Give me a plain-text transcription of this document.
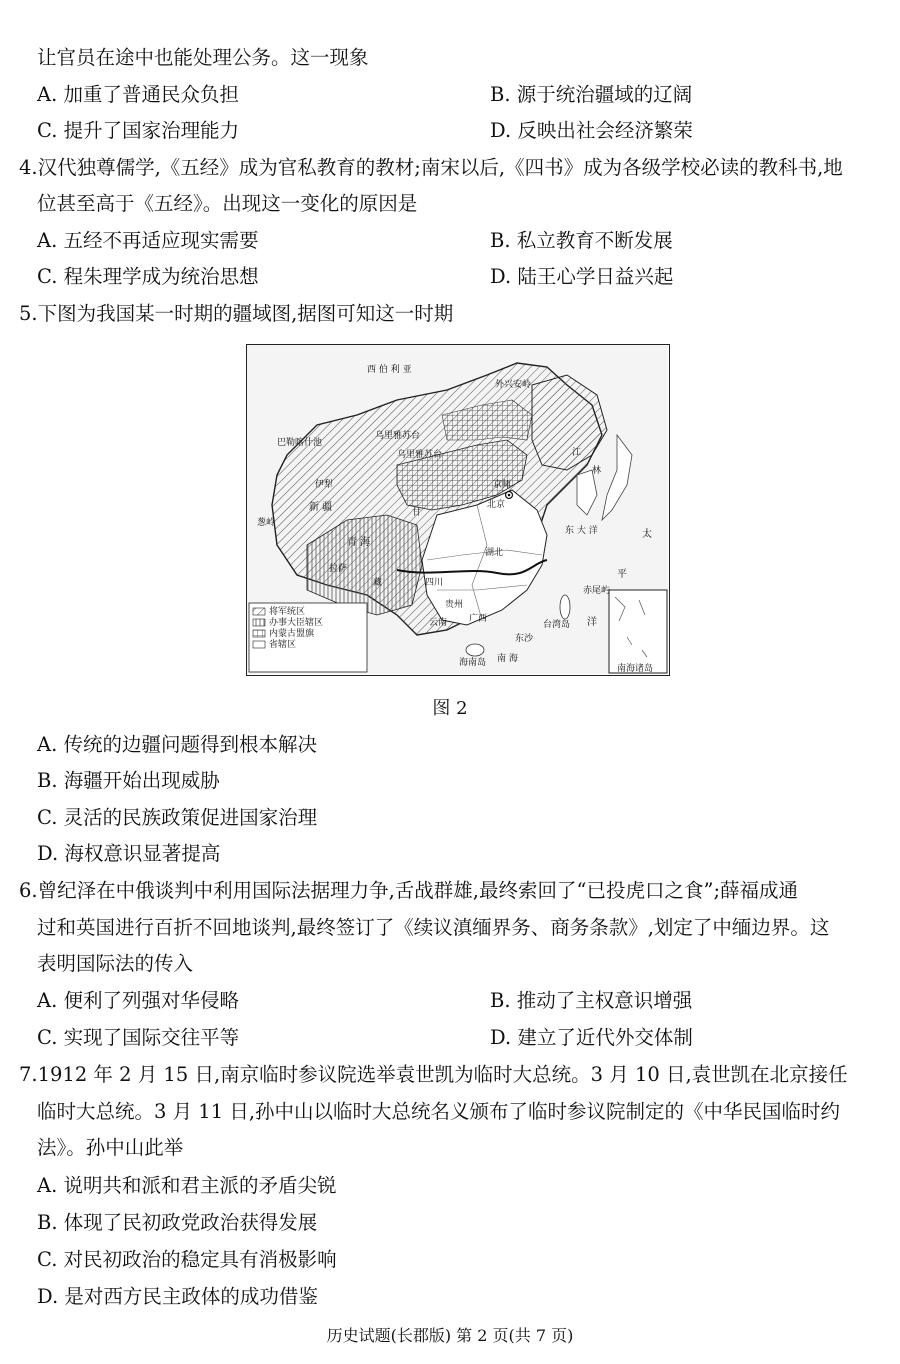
让官员在途中也能处理公务。这一现象
A. 加重了普通民众负担	B. 源于统治疆域的辽阔
C. 提升了国家治理能力	D. 反映出社会经济繁荣
4.汉代独尊儒学,《五经》成为官私教育的教材;南宋以后,《四书》成为各级学校必读的教科书,地
位甚至高于《五经》。出现这一变化的原因是
A. 五经不再适应现实需要	B. 私立教育不断发展
C. 程朱理学成为统治思想	D. 陆王心学日益兴起
5.下图为我国某一时期的疆域图,据图可知这一时期
西 伯 利 亚
外兴安岭
乌里雅苏台
乌里雅苏台
伊犁
新 疆
江
林
京师
北京
青 海
甘
拉萨
藏	四川
湖北
贵州
云南 广西
台湾岛
海南岛
东沙
南 海
太
平
洋
东 大 洋
南海诸岛
巴勒喀什池
葱岭
赤尾屿
将军统区
办事大臣辖区
内蒙古盟旗
省辖区
图 2
A. 传统的边疆问题得到根本解决
B. 海疆开始出现威胁
C. 灵活的民族政策促进国家治理
D. 海权意识显著提高
6.曾纪泽在中俄谈判中利用国际法据理力争,舌战群雄,最终索回了“已投虎口之食”;薛福成通
过和英国进行百折不回地谈判,最终签订了《续议滇缅界务、商务条款》,划定了中缅边界。这
表明国际法的传入
A. 便利了列强对华侵略	B. 推动了主权意识增强
C. 实现了国际交往平等	D. 建立了近代外交体制
7.1912 年 2 月 15 日,南京临时参议院选举袁世凯为临时大总统。3 月 10 日,袁世凯在北京接任
临时大总统。3 月 11 日,孙中山以临时大总统名义颁布了临时参议院制定的《中华民国临时约
法》。孙中山此举
A. 说明共和派和君主派的矛盾尖锐
B. 体现了民初政党政治获得发展
C. 对民初政治的稳定具有消极影响
D. 是对西方民主政体的成功借鉴
历史试题(长郡版) 第 2 页(共 7 页)
